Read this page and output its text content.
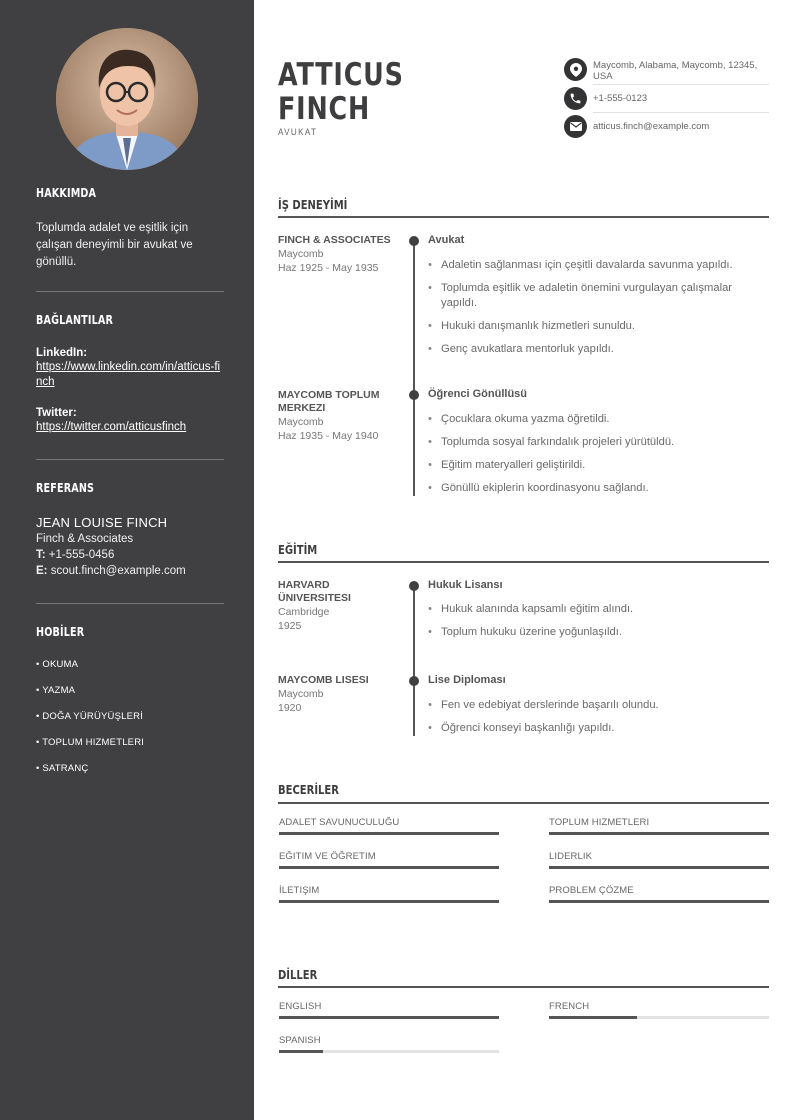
HAKKIMDA
Toplumda adalet ve eşitlik için çalışan deneyimli bir avukat ve gönüllü.
BAĞLANTILAR
LinkedIn:
https://www.linkedin.com/in/atticus-finch
Twitter:
https://twitter.com/atticusfinch
REFERANS
JEAN LOUISE FINCH
Finch & Associates
T: +1-555-0456
E: scout.finch@example.com
HOBİLER
• OKUMA
• YAZMA
• DOĞA YÜRÜYÜŞLERİ
• TOPLUM HIZMETLERI
• SATRANÇ
ATTICUS
FINCH
AVUKAT
Maycomb, Alabama, Maycomb, 12345, USA
+1-555-0123
atticus.finch@example.com
İŞ DENEYİMİ
FINCH & ASSOCIATES
Maycomb
Haz 1925 - May 1935
Avukat
• Adaletin sağlanması için çeşitli davalarda savunma yapıldı.
• Toplumda eşitlik ve adaletin önemini vurgulayan çalışmalar yapıldı.
• Hukuki danışmanlık hizmetleri sunuldu.
• Genç avukatlara mentorluk yapıldı.
MAYCOMB TOPLUM MERKEZI
Maycomb
Haz 1935 - May 1940
Öğrenci Gönüllüsü
• Çocuklara okuma yazma öğretildi.
• Toplumda sosyal farkındalık projeleri yürütüldü.
• Eğitim materyalleri geliştirildi.
• Gönüllü ekiplerin koordinasyonu sağlandı.
EĞİTİM
HARVARD ÜNIVERSITESI
Cambridge
1925
Hukuk Lisansı
• Hukuk alanında kapsamlı eğitim alındı.
• Toplum hukuku üzerine yoğunlaşıldı.
MAYCOMB LISESI
Maycomb
1920
Lise Diploması
• Fen ve edebiyat derslerinde başarılı olundu.
• Öğrenci konseyi başkanlığı yapıldı.
BECERİLER
ADALET SAVUNUCULUĞU	TOPLUM HIZMETLERI
EĞITIM VE ÖĞRETIM	LIDERLIK
İLETIŞIM	PROBLEM ÇÖZME
DİLLER
ENGLISH	FRENCH
SPANISH
